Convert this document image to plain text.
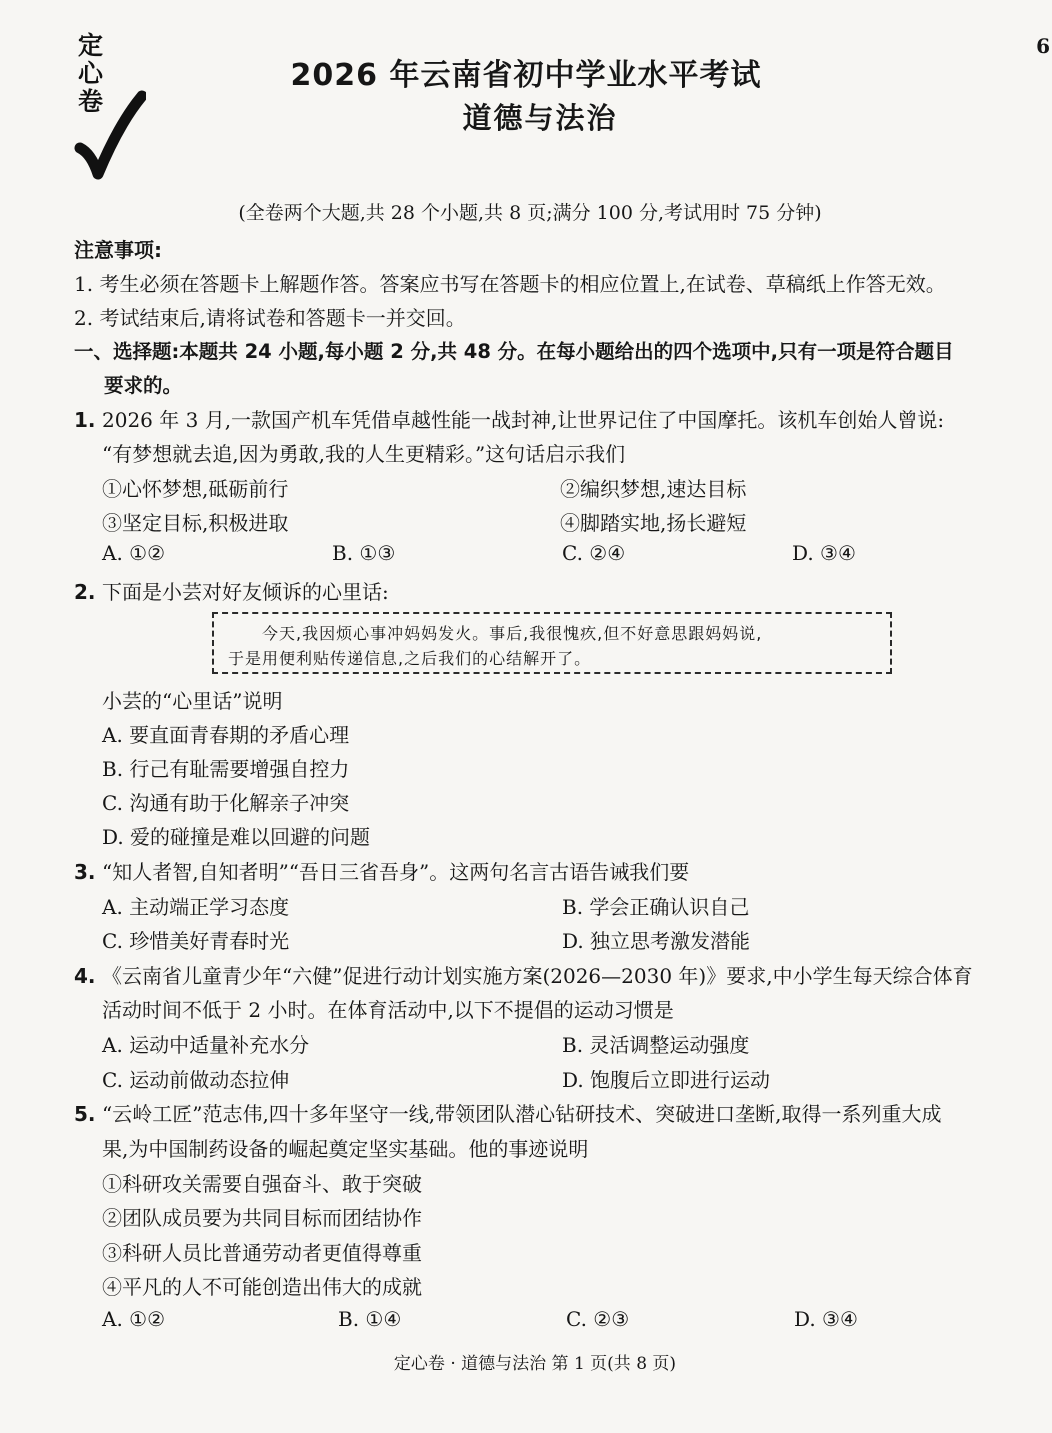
定心卷
6
2026 年云南省初中学业水平考试
道德与法治
(全卷两个大题,共 28 个小题,共 8 页;满分 100 分,考试用时 75 分钟)
注意事项:
1. 考生必须在答题卡上解题作答。答案应书写在答题卡的相应位置上,在试卷、草稿纸上作答无效。
2. 考试结束后,请将试卷和答题卡一并交回。
一、选择题:本题共 24 小题,每小题 2 分,共 48 分。在每小题给出的四个选项中,只有一项是符合题目
要求的。
1. 2026 年 3 月,一款国产机车凭借卓越性能一战封神,让世界记住了中国摩托。该机车创始人曾说:
“有梦想就去追,因为勇敢,我的人生更精彩。”这句话启示我们
①心怀梦想,砥砺前行	②编织梦想,速达目标
③坚定目标,积极进取	④脚踏实地,扬长避短
A. ①②	B. ①③	C. ②④	D. ③④
2. 下面是小芸对好友倾诉的心里话:
今天,我因烦心事冲妈妈发火。事后,我很愧疚,但不好意思跟妈妈说,
于是用便利贴传递信息,之后我们的心结解开了。
小芸的“心里话”说明
A. 要直面青春期的矛盾心理
B. 行己有耻需要增强自控力
C. 沟通有助于化解亲子冲突
D. 爱的碰撞是难以回避的问题
3. “知人者智,自知者明”“吾日三省吾身”。这两句名言古语告诫我们要
A. 主动端正学习态度	B. 学会正确认识自己
C. 珍惜美好青春时光	D. 独立思考激发潜能
4. 《云南省儿童青少年“六健”促进行动计划实施方案(2026—2030 年)》要求,中小学生每天综合体育
活动时间不低于 2 小时。在体育活动中,以下不提倡的运动习惯是
A. 运动中适量补充水分	B. 灵活调整运动强度
C. 运动前做动态拉伸	D. 饱腹后立即进行运动
5. “云岭工匠”范志伟,四十多年坚守一线,带领团队潜心钻研技术、突破进口垄断,取得一系列重大成
果,为中国制药设备的崛起奠定坚实基础。他的事迹说明
①科研攻关需要自强奋斗、敢于突破
②团队成员要为共同目标而团结协作
③科研人员比普通劳动者更值得尊重
④平凡的人不可能创造出伟大的成就
A. ①②	B. ①④	C. ②③	D. ③④
定心卷 · 道德与法治 第 1 页(共 8 页)
